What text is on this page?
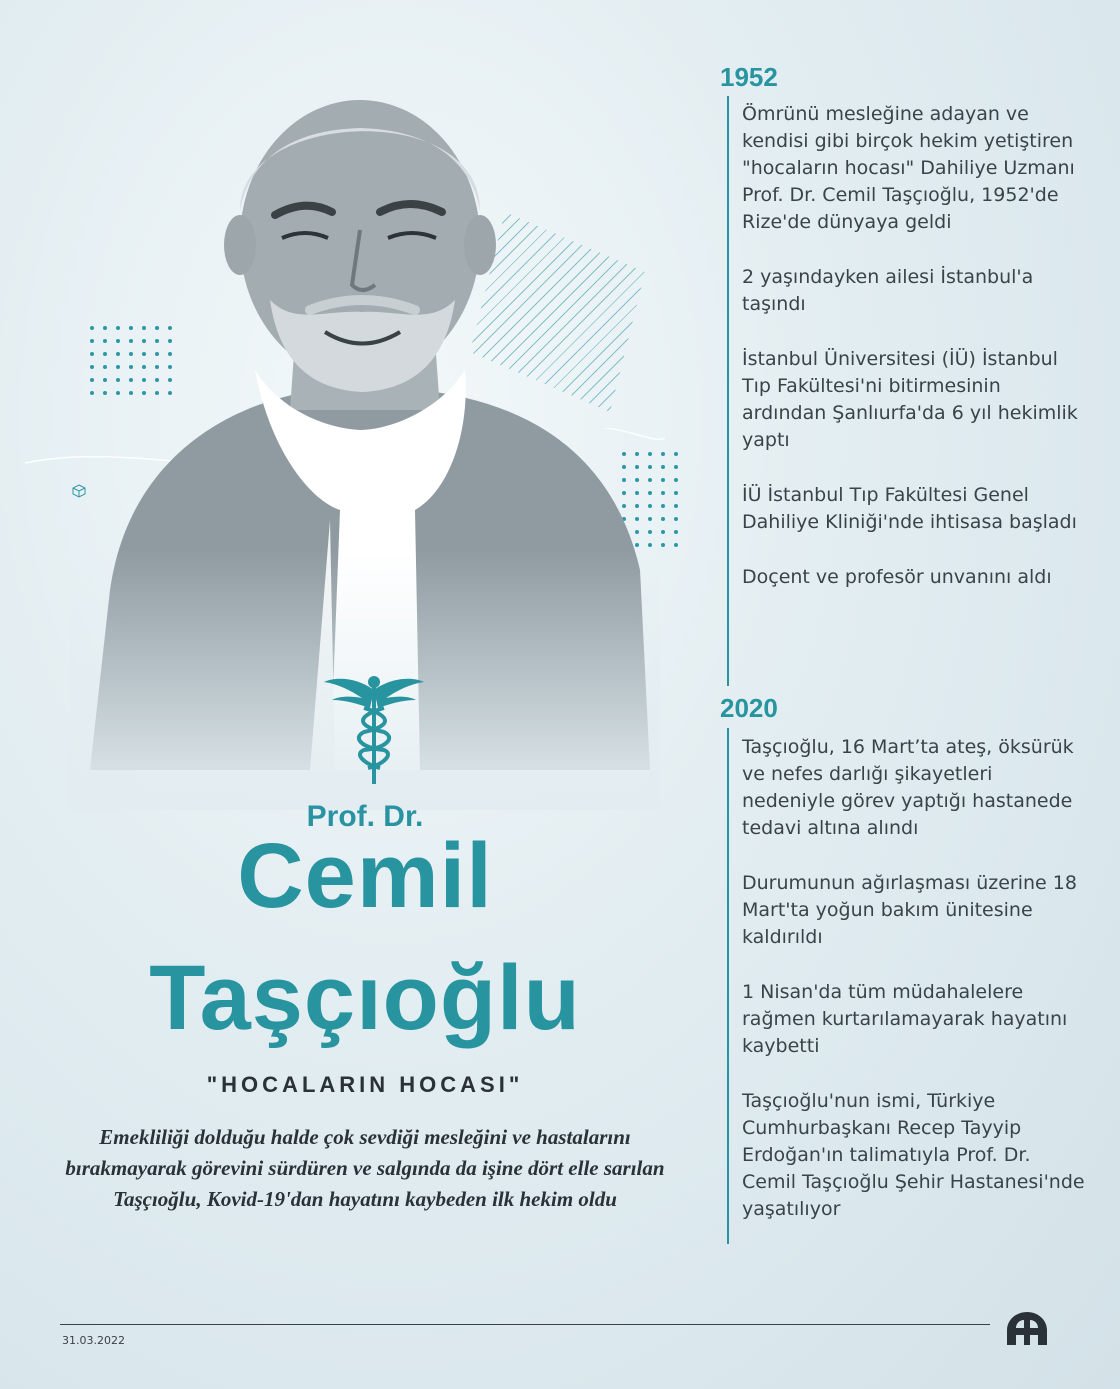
Prof. Dr.
Cemil
Taşçıoğlu
"HOCALARIN HOCASI"
Emekliliği dolduğu halde çok sevdiği mesleğini ve hastalarını bırakmayarak görevini sürdüren ve salgında da işine dört elle sarılan Taşçıoğlu, Kovid-19'dan hayatını kaybeden ilk hekim oldu
1952
Ömrünü mesleğine adayan ve kendisi gibi birçok hekim yetiştiren "hocaların hocası" Dahiliye Uzmanı Prof. Dr. Cemil Taşçıoğlu, 1952'de Rize'de dünyaya geldi
2 yaşındayken ailesi İstanbul'a taşındı
İstanbul Üniversitesi (İÜ) İstanbul Tıp Fakültesi'ni bitirmesinin ardından Şanlıurfa'da 6 yıl hekimlik yaptı
İÜ İstanbul Tıp Fakültesi Genel Dahiliye Kliniği'nde ihtisasa başladı
Doçent ve profesör unvanını aldı
2020
Taşçıoğlu, 16 Mart’ta ateş, öksürük ve nefes darlığı şikayetleri nedeniyle görev yaptığı hastanede tedavi altına alındı
Durumunun ağırlaşması üzerine 18 Mart'ta yoğun bakım ünitesine kaldırıldı
1 Nisan'da tüm müdahalelere rağmen kurtarılamayarak hayatını kaybetti
Taşçıoğlu'nun ismi, Türkiye Cumhurbaşkanı Recep Tayyip Erdoğan'ın talimatıyla Prof. Dr. Cemil Taşçıoğlu Şehir Hastanesi'nde yaşatılıyor
31.03.2022
